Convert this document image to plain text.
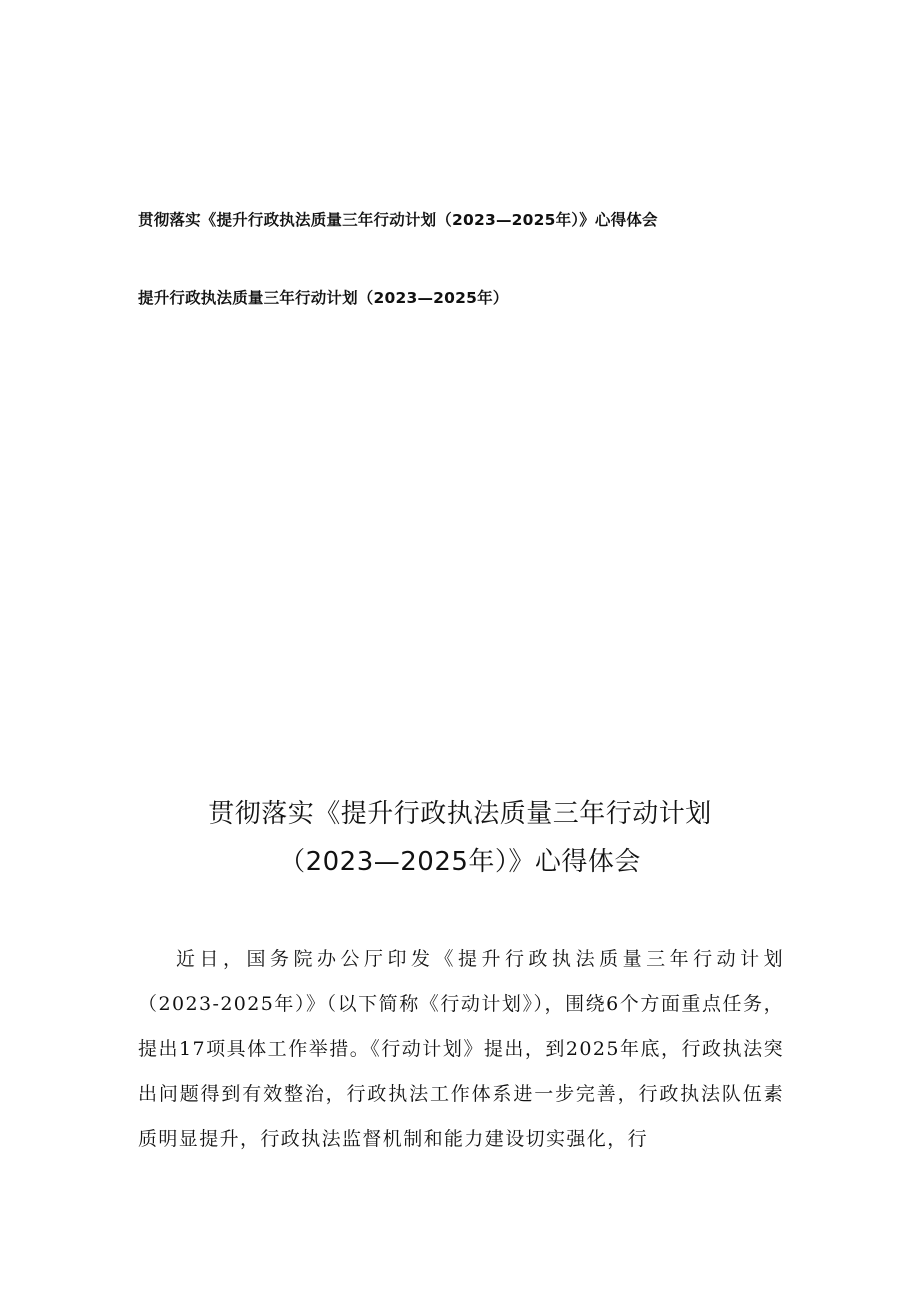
贯彻落实《提升行政执法质量三年行动计划（2023—2025年）》心得体会
提升行政执法质量三年行动计划（2023—2025年）
贯彻落实《提升行政执法质量三年行动计划
（2023—2025年）》心得体会

近日，国务院办公厅印发《提升行政执法质量三年行动计划（2023-2025年）》（以下简称《行动计划》），围绕6个方面重点任务，提出17项具体工作举措。《行动计划》提出，到2025年底，行政执法突出问题得到有效整治，行政执法工作体系进一步完善，行政执法队伍素质明显提升，行政执法监督机制和能力建设切实强化，行
